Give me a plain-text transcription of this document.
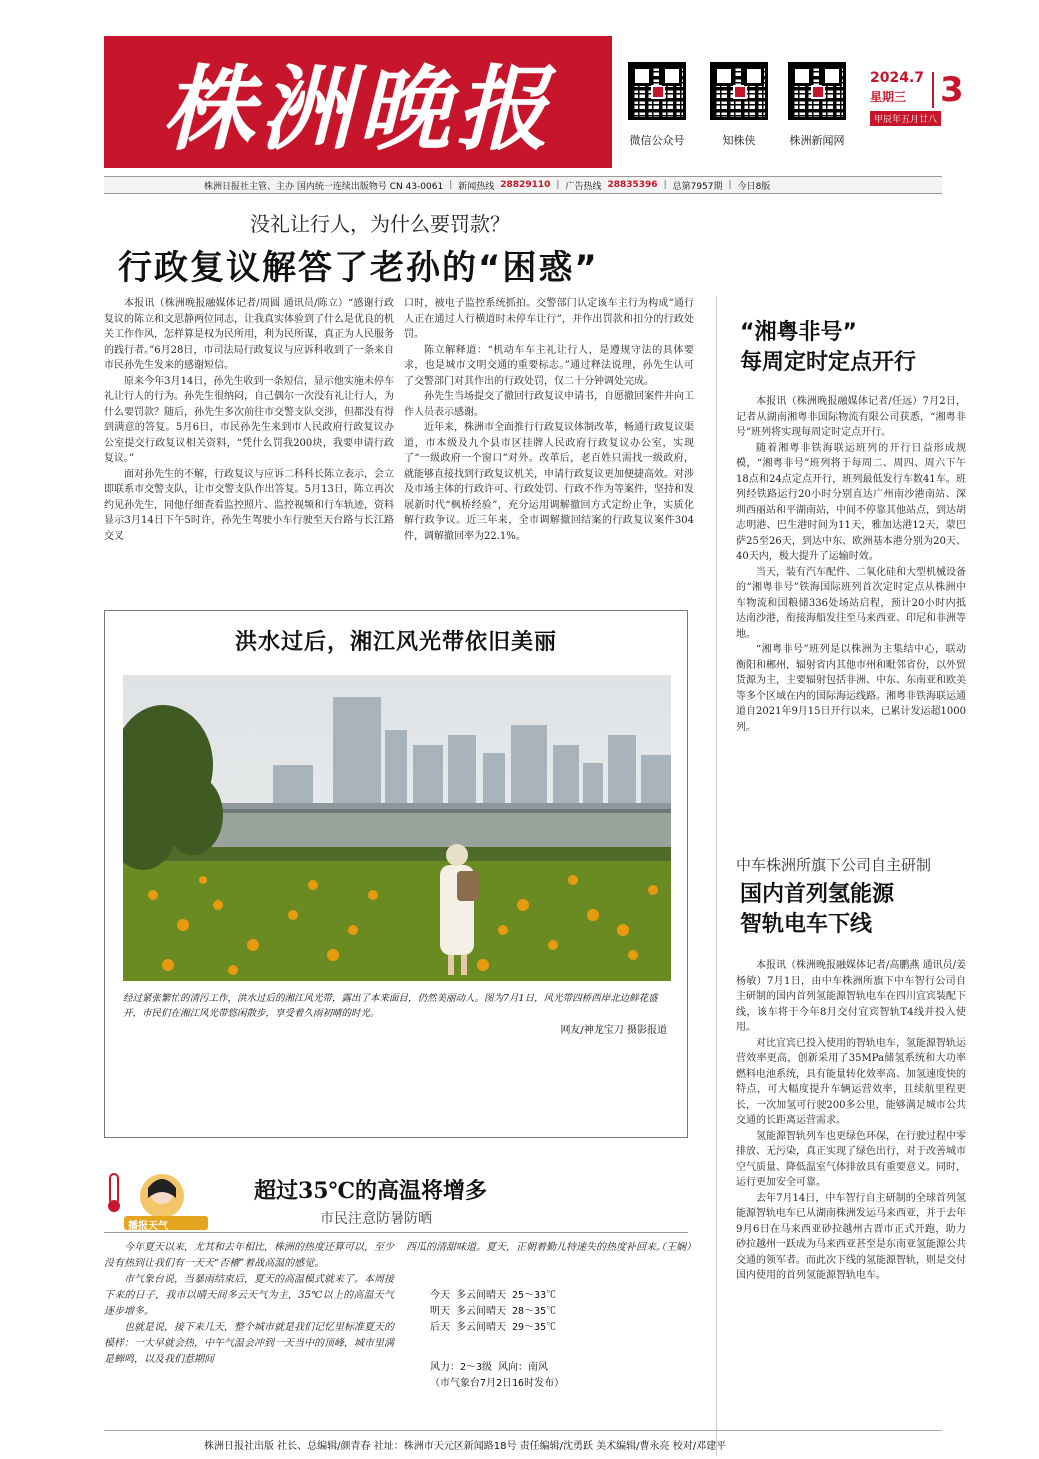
株洲晚报	微信公众号	知株侠	株洲新闻网
2024.7
星期三 3
甲辰年五月廿八
株洲日报社主管、主办 国内统一连续出版物号 CN 43-0061 | 新闻热线 28829110 | 广告热线 28835396 | 总第7957期 | 今日8版
没礼让行人，为什么要罚款？
行政复议解答了老孙的“困惑”

本报讯（株洲晚报融媒体记者/周圆 通讯员/陈立）“感谢行政复议的陈立和文思静两位同志，让我真实体验到了什么是优良的机关工作作风，怎样算是权为民所用，利为民所谋，真正为人民服务的践行者。”6月28日，市司法局行政复议与应诉科收到了一条来自市民孙先生发来的感谢短信。

原来今年3月14日，孙先生收到一条短信，显示他实施未停车礼让行人的行为。孙先生很纳闷，自己偶尔一次没有礼让行人，为什么要罚款？随后，孙先生多次前往市交警支队交涉，但都没有得到满意的答复。5月6日，市民孙先生来到市人民政府行政复议办公室提交行政复议相关资料，“凭什么罚我200块，我要申请行政复议。”

面对孙先生的不解，行政复议与应诉二科科长陈立表示，会立即联系市交警支队，让市交警支队作出答复。5月13日，陈立再次约见孙先生，同他仔细查看监控照片、监控视频和行车轨迹，资料显示3月14日下午5时许，孙先生驾驶小车行驶至天台路与长江路交叉

口时，被电子监控系统抓拍。交警部门认定该车主行为构成“通行人正在通过人行横道时未停车让行”，并作出罚款和扣分的行政处罚。

陈立解释道：“机动车车主礼让行人，是遵规守法的具体要求，也是城市文明交通的重要标志。”通过释法说理，孙先生认可了交警部门对其作出的行政处罚，仅二十分钟调处完成。

孙先生当场提交了撤回行政复议申请书，自愿撤回案件并向工作人员表示感谢。

近年来，株洲市全面推行行政复议体制改革，畅通行政复议渠道，市本级及九个县市区挂牌人民政府行政复议办公室，实现了“一级政府一个窗口”对外。改革后，老百姓只需找一级政府，就能够直接找到行政复议机关，申请行政复议更加便捷高效。对涉及市场主体的行政许可、行政处罚、行政不作为等案件，坚持和发展新时代“枫桥经验”，充分运用调解撤回方式定纷止争，实质化解行政争议。近三年来，全市调解撤回结案的行政复议案件304件，调解撤回率为22.1%。

“湘粤非号”
每周定时定点开行

本报讯（株洲晚报融媒体记者/任远）7月2日，记者从湖南湘粤非国际物流有限公司获悉，“湘粤非号”班列将实现每周定时定点开行。

随着湘粤非铁海联运班列的开行日益形成规模，“湘粤非号”班列将于每周二、周四、周六下午18点和24点定点开行，班列最低发行车数41车。班列经铁路运行20小时分别直达广州南沙港南站、深圳西丽站和平湖南站，中间不停靠其他站点，到达胡志明港、巴生港时间为11天，雅加达港12天，蒙巴萨25至26天，到达中东、欧洲基本港分别为20天、40天内，极大提升了运输时效。

当天，装有汽车配件、二氧化硅和大型机械设备的“湘粤非号”铁海国际班列首次定时定点从株洲中车物流和国粮储336处场站启程，预计20小时内抵达南沙港，衔接海船发往至马来西亚、印尼和非洲等地。

“湘粤非号”班列是以株洲为主集结中心，联动衡阳和郴州，辐射省内其他市州和毗邻省份，以外贸货源为主，主要辐射包括非洲、中东、东南亚和欧美等多个区域在内的国际海运线路。湘粤非铁海联运通道自2021年9月15日开行以来，已累计发运超1000列。

中车株洲所旗下公司自主研制
国内首列氢能源
智轨电车下线

本报讯（株洲晚报融媒体记者/高鹏燕 通讯员/姜杨敏）7月1日，由中车株洲所旗下中车智行公司自主研制的国内首列氢能源智轨电车在四川宜宾装配下线，该车将于今年8月交付宜宾智轨T4线并投入使用。

对比宜宾已投入使用的智轨电车，氢能源智轨运营效率更高，创新采用了35MPa储氢系统和大功率燃料电池系统，具有能量转化效率高、加氢速度快的特点，可大幅度提升车辆运营效率，且续航里程更长，一次加氢可行驶200多公里，能够满足城市公共交通的长距离运营需求。

氢能源智轨列车也更绿色环保，在行驶过程中零排放、无污染，真正实现了绿色出行，对于改善城市空气质量、降低温室气体排放具有重要意义。同时，运行更加安全可靠。

去年7月14日，中车智行自主研制的全球首列氢能源智轨电车已从湖南株洲发运马来西亚，并于去年9月6日在马来西亚砂拉越州古晋市正式开跑，助力砂拉越州一跃成为马来西亚甚至是东南亚氢能源公共交通的领军者。而此次下线的氢能源智轨，则是交付国内使用的首列氢能源智轨电车。

洪水过后，湘江风光带依旧美丽
经过紧张繁忙的清污工作，洪水过后的湘江风光带，露出了本来面目，仍然美丽动人。图为7月1日，风光带四桥西岸北边鲜花盛开，市民们在湘江风光带悠闲散步，享受着久雨初晴的时光。
网友/神龙宝刀 摄影报道
播报天气
超过35℃的高温将增多
市民注意防暑防晒

今年夏天以来，尤其和去年相比，株洲的热度还算可以，至少没有热到让我们有一天天“否稽”着战高温的感觉。

市气象台说，当暴雨结束后，夏天的高温模式就来了。本周接下来的日子，我市以晴天间多云天气为主，35℃以上的高温天气逐步增多。

也就是说，接下来几天，整个城市就是我们记忆里标准夏天的模样：一大早就会热，中午气温会冲到一天当中的顶峰，城市里满是蝉鸣，以及我们惹期间

西瓜的清甜味道。夏天，正朝着勤儿特速失的热度补回来。

（王娴）
今天 多云间晴天 25～33℃
明天 多云间晴天 28～35℃
后天 多云间晴天 29～35℃
风力：2～3级 风向：南风
（市气象台7月2日16时发布）
株洲日报社出版 社长、总编辑/颜青春 社址：株洲市天元区新闻路18号 责任编辑/沈勇跃 美术编辑/曹永亮 校对/邓建平
